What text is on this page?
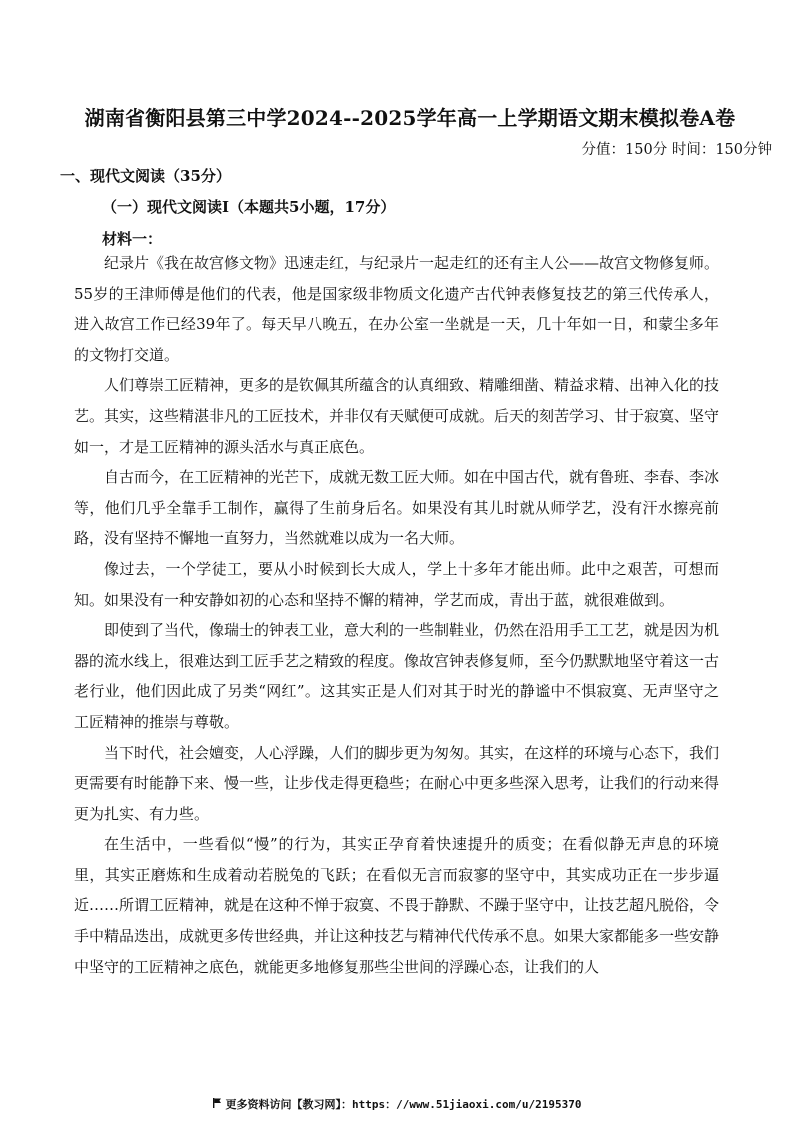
湖南省衡阳县第三中学2024--2025学年高一上学期语文期末模拟卷A卷
分值：150分 时间：150分钟
一、现代文阅读（35分）
（一）现代文阅读Ⅰ（本题共5小题，17分）
材料一：

纪录片《我在故宫修文物》迅速走红，与纪录片一起走红的还有主人公——故宫文物修复师。55岁的王津师傅是他们的代表，他是国家级非物质文化遗产古代钟表修复技艺的第三代传承人，进入故宫工作已经39年了。每天早八晚五，在办公室一坐就是一天，几十年如一日，和蒙尘多年的文物打交道。

人们尊崇工匠精神，更多的是钦佩其所蕴含的认真细致、精雕细凿、精益求精、出神入化的技艺。其实，这些精湛非凡的工匠技术，并非仅有天赋便可成就。后天的刻苦学习、甘于寂寞、坚守如一，才是工匠精神的源头活水与真正底色。

自古而今，在工匠精神的光芒下，成就无数工匠大师。如在中国古代，就有鲁班、李春、李冰等，他们几乎全靠手工制作，赢得了生前身后名。如果没有其儿时就从师学艺，没有汗水擦亮前路，没有坚持不懈地一直努力，当然就难以成为一名大师。

像过去，一个学徒工，要从小时候到长大成人，学上十多年才能出师。此中之艰苦，可想而知。如果没有一种安静如初的心态和坚持不懈的精神，学艺而成，青出于蓝，就很难做到。

即使到了当代，像瑞士的钟表工业，意大利的一些制鞋业，仍然在沿用手工工艺，就是因为机器的流水线上，很难达到工匠手艺之精致的程度。像故宫钟表修复师，至今仍默默地坚守着这一古老行业，他们因此成了另类“网红”。这其实正是人们对其于时光的静谧中不惧寂寞、无声坚守之工匠精神的推崇与尊敬。

当下时代，社会嬗变，人心浮躁，人们的脚步更为匆匆。其实，在这样的环境与心态下，我们更需要有时能静下来、慢一些，让步伐走得更稳些；在耐心中更多些深入思考，让我们的行动来得更为扎实、有力些。

在生活中，一些看似“慢”的行为，其实正孕育着快速提升的质变；在看似静无声息的环境里，其实正磨炼和生成着动若脱兔的飞跃；在看似无言而寂寥的坚守中，其实成功正在一步步逼近……所谓工匠精神，就是在这种不惮于寂寞、不畏于静默、不躁于坚守中，让技艺超凡脱俗，令手中精品迭出，成就更多传世经典，并让这种技艺与精神代代传承不息。如果大家都能多一些安静中坚守的工匠精神之底色，就能更多地修复那些尘世间的浮躁心态，让我们的人

更多资料访问【教习网】：https：//www.51jiaoxi.com/u/2195370
